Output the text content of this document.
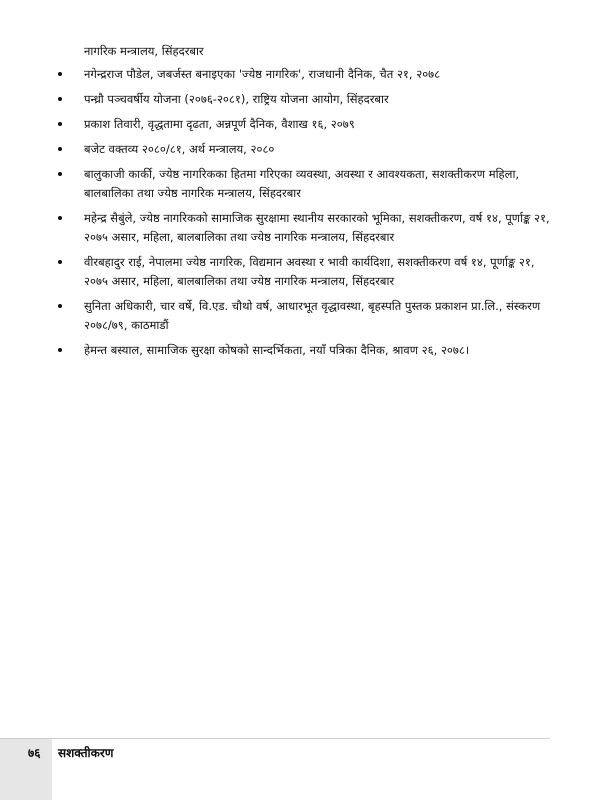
नागरिक मन्त्रालय, सिंहदरबार
नगेन्द्रराज पौडेल, जबर्जस्त बनाइएका 'ज्येष्ठ नागरिक', राजधानी दैनिक, चैत २१, २०७८
पन्ध्रौ पञ्चवर्षीय योजना (२०७६-२०८१), राष्ट्रिय योजना आयोग, सिंहदरबार
प्रकाश तिवारी, वृद्धतामा दृढता, अन्नपूर्ण दैनिक, वैशाख १६, २०७९
बजेट वक्तव्य २०८०/८१, अर्थ मन्त्रालय, २०८०
बालुकाजी कार्की, ज्येष्ठ नागरिकका हितमा गरिएका व्यवस्था, अवस्था र आवश्यकता, सशक्तीकरण महिला, बालबालिका तथा ज्येष्ठ नागरिक मन्त्रालय, सिंहदरबार
महेन्द्र सैबुंले, ज्येष्ठ नागरिकको सामाजिक सुरक्षामा स्थानीय सरकारको भूमिका, सशक्तीकरण, वर्ष १४, पूर्णाङ्क २१, २०७५ असार, महिला, बालबालिका तथा ज्येष्ठ नागरिक मन्त्रालय, सिंहदरबार
वीरबहादुर राई, नेपालमा ज्येष्ठ नागरिक, विद्यमान अवस्था र भावी कार्यदिशा, सशक्तीकरण वर्ष १४, पूर्णाङ्क २१, २०७५ असार, महिला, बालबालिका तथा ज्येष्ठ नागरिक मन्त्रालय, सिंहदरबार
सुनिता अधिकारी, चार वर्षे, वि.एड. चौथो वर्ष, आधारभूत वृद्धावस्था, बृहस्पति पुस्तक प्रकाशन प्रा.लि., संस्करण २०७८/७९, काठमाडौं
हेमन्त बस्याल, सामाजिक सुरक्षा कोषको सान्दर्भिकता, नयाँ पत्रिका दैनिक, श्रावण २६, २०७८।
७६ सशक्तीकरण
